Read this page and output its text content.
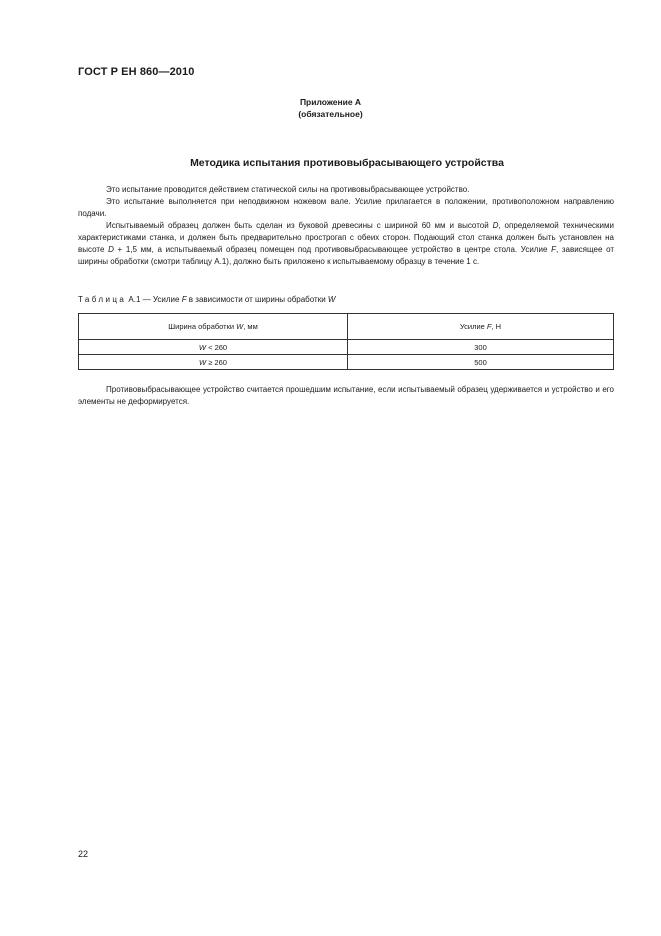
ГОСТ Р ЕН 860—2010
Приложение А
(обязательное)
Методика испытания противовыбрасывающего устройства

Это испытание проводится действием статической силы на противовыбрасывающее устройство.

Это испытание выполняется при неподвижном ножевом вале. Усилие прилагается в положении, противоположном направлению подачи.

Испытываемый образец должен быть сделан из буковой древесины с шириной 60 мм и высотой D, определяемой техническими характеристиками станка, и должен быть предварительно прострогап с обеих сторон. Подающий стол станка должен быть установлен на высоте D + 1,5 мм, а испытываемый образец помещен под противовыбрасывающее устройство в центре стола. Усилие F, зависящее от ширины обработки (смотри таблицу А.1), должно быть приложено к испытываемому образцу в течение 1 с.

Таблица А.1 — Усилие F в зависимости от ширины обработки W
Ширина обработки W, мм	Усилие F, Н
W < 260	300
W ≥ 260	500

Противовыбрасывающее устройство считается прошедшим испытание, если испытываемый образец удерживается и устройство и его элементы не деформируется.

22
